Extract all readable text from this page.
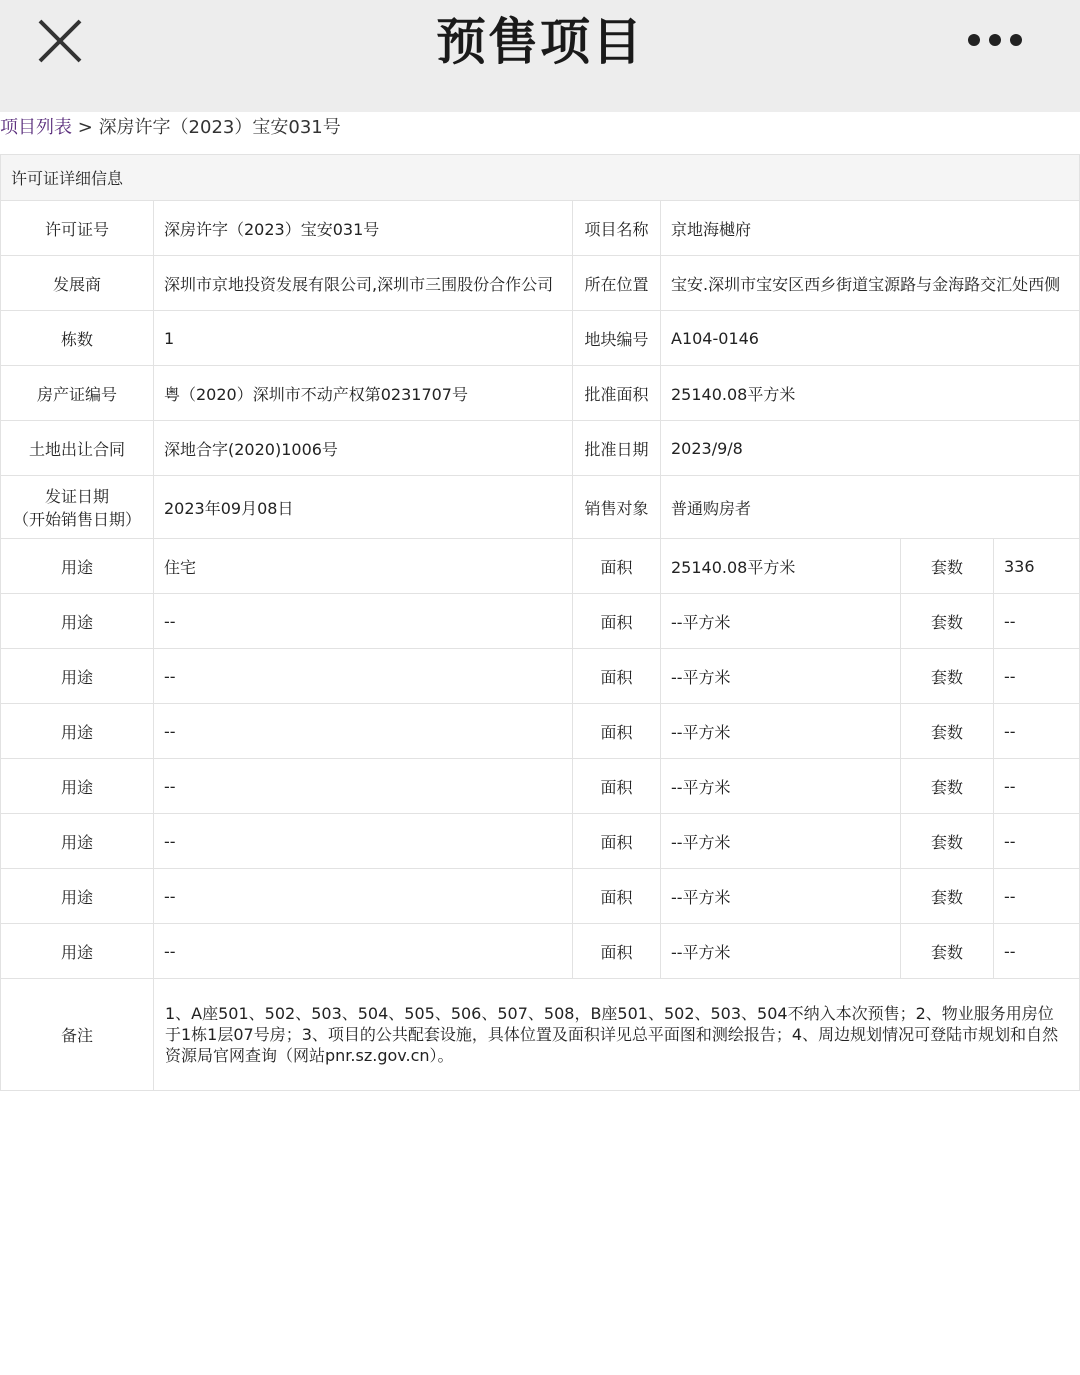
预售项目
项目列表 > 深房许字（2023）宝安031号
许可证详细信息					
许可证号	深房许字（2023）宝安031号	项目名称	京地海樾府		
发展商	深圳市京地投资发展有限公司,深圳市三围股份合作公司	所在位置	宝安.深圳市宝安区西乡街道宝源路与金海路交汇处西侧		
栋数	1	地块编号	A104-0146		
房产证编号	粤（2020）深圳市不动产权第0231707号	批准面积	25140.08平方米		
土地出让合同	深地合字(2020)1006号	批准日期	2023/9/8		

发证日期
（开始销售日期）	2023年09月08日	销售对象	普通购房者		
用途	住宅	面积	25140.08平方米	套数	336
用途	--	面积	--平方米	套数	--
用途	--	面积	--平方米	套数	--
用途	--	面积	--平方米	套数	--
用途	--	面积	--平方米	套数	--
用途	--	面积	--平方米	套数	--
用途	--	面积	--平方米	套数	--
用途	--	面积	--平方米	套数	--
备注	1、A座501、502、503、504、505、506、507、508，B座501、502、503、504不纳入本次预售；2、物业服务用房位于1栋1层07号房；3、项目的公共配套设施，具体位置及面积详见总平面图和测绘报告；4、周边规划情况可登陆市规划和自然资源局官网查询（网站pnr.sz.gov.cn）。				
